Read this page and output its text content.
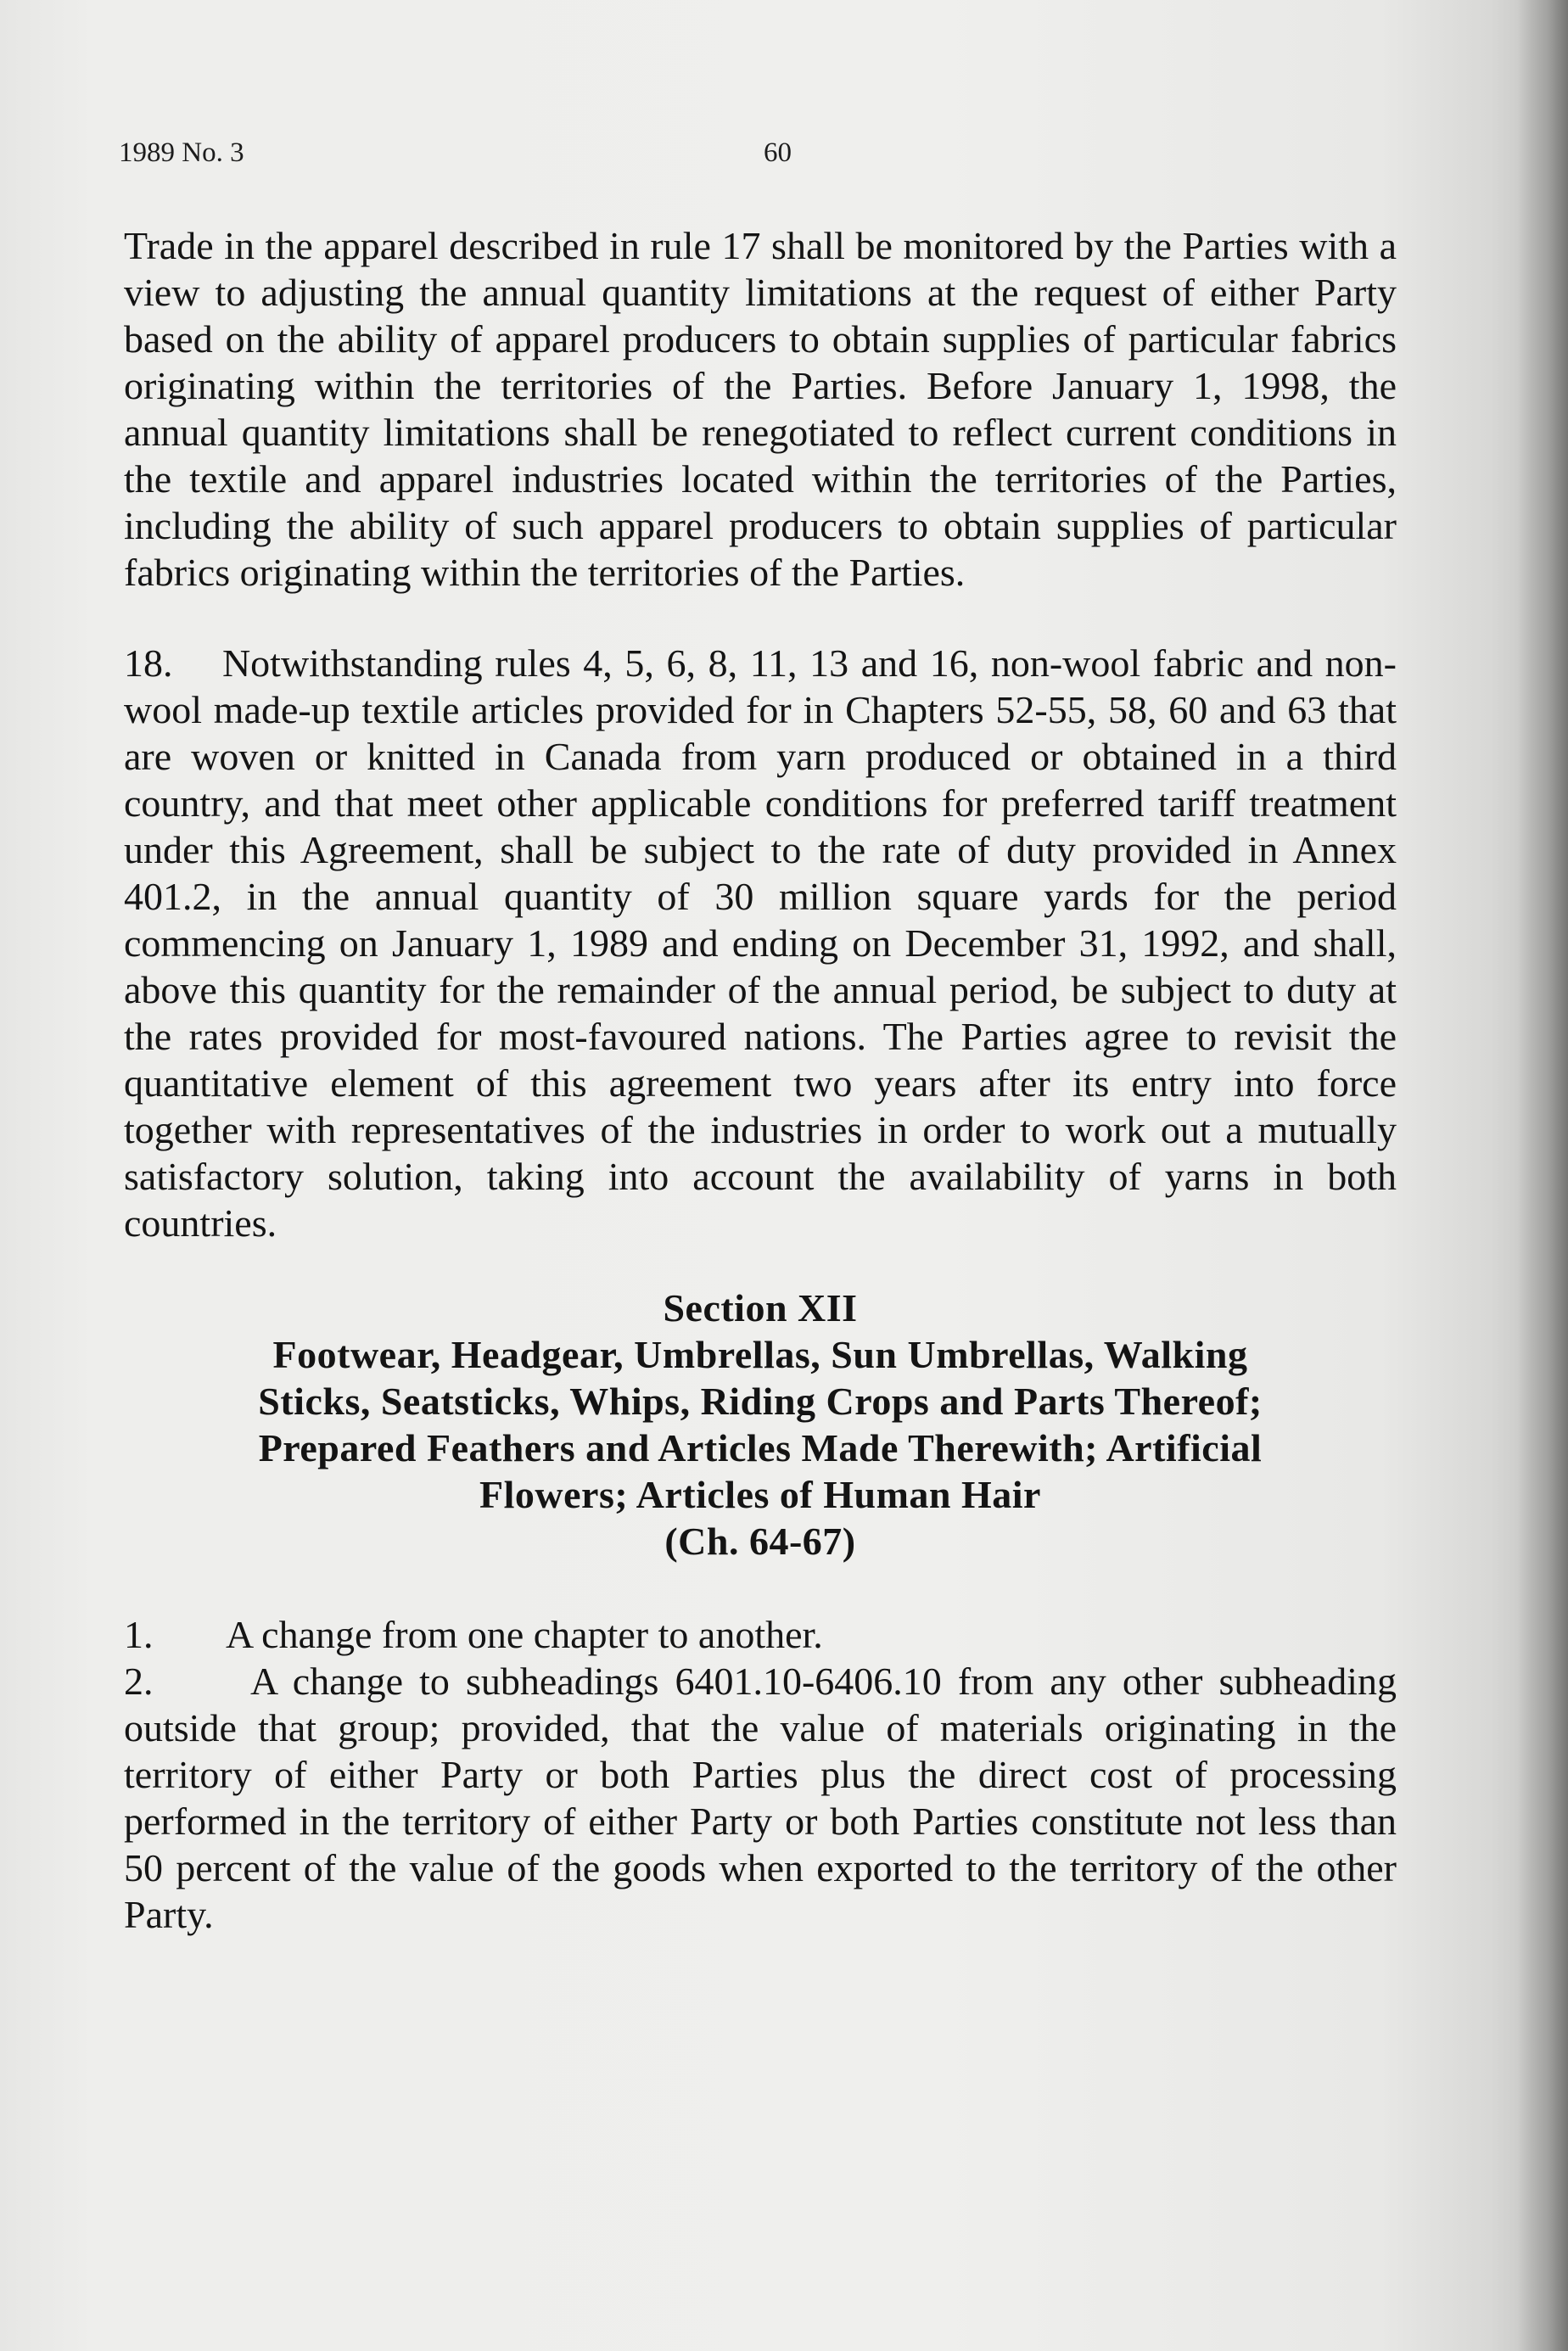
1989 No. 3	60

Trade in the apparel described in rule 17 shall be monitored by the Parties with a view to adjusting the annual quantity limitations at the request of either Party based on the ability of apparel producers to obtain supplies of particular fabrics originating within the territories of the Parties. Before January 1, 1998, the annual quantity limitations shall be renegotiated to reflect current conditions in the textile and apparel industries located within the territories of the Parties, including the ability of such apparel producers to obtain supplies of particular fabrics originating within the territories of the Parties.

18. Notwithstanding rules 4, 5, 6, 8, 11, 13 and 16, non-wool fabric and non-wool made-up textile articles provided for in Chapters 52-55, 58, 60 and 63 that are woven or knitted in Canada from yarn produced or obtained in a third country, and that meet other applicable conditions for preferred tariff treatment under this Agreement, shall be subject to the rate of duty provided in Annex 401.2, in the annual quantity of 30 million square yards for the period commencing on January 1, 1989 and ending on December 31, 1992, and shall, above this quantity for the remainder of the annual period, be subject to duty at the rates provided for most-favoured nations. The Parties agree to revisit the quantitative element of this agreement two years after its entry into force together with representatives of the industries in order to work out a mutually satisfactory solution, taking into account the availability of yarns in both countries.

Section XII
Footwear, Headgear, Umbrellas, Sun Umbrellas, Walking
Sticks, Seatsticks, Whips, Riding Crops and Parts Thereof;
Prepared Feathers and Articles Made Therewith; Artificial
Flowers; Articles of Human Hair
(Ch. 64-67)

1. A change from one chapter to another.

2. A change to subheadings 6401.10-6406.10 from any other subheading outside that group; provided, that the value of materials originating in the territory of either Party or both Parties plus the direct cost of processing performed in the territory of either Party or both Parties constitute not less than 50 percent of the value of the goods when exported to the territory of the other Party.
